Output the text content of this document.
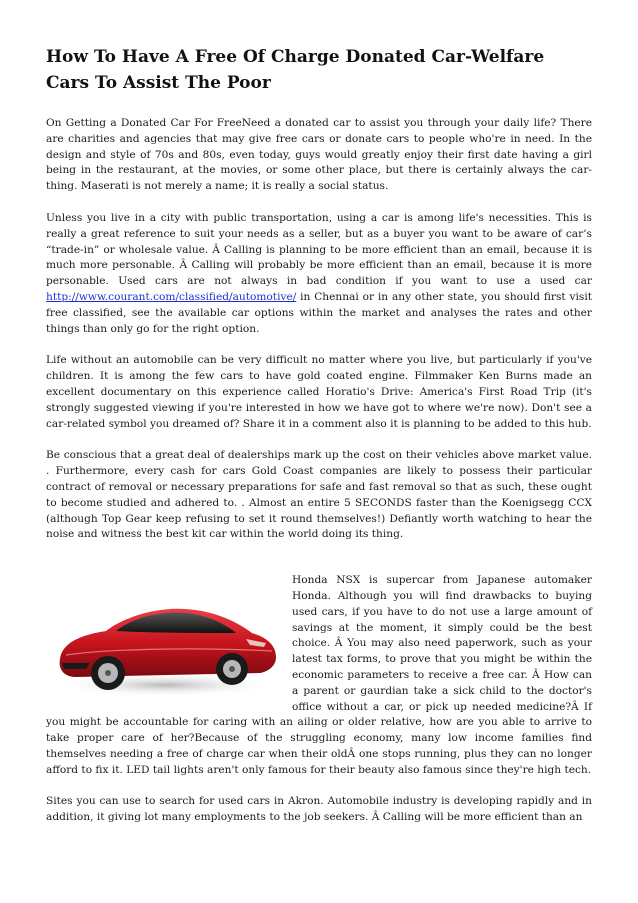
How To Have A Free Of Charge Donated Car-Welfare Cars To Assist The Poor

On Getting a Donated Car For FreeNeed a donated car to assist you through your daily life? There are charities and agencies that may give free cars or donate cars to people who're in need. In the design and style of 70s and 80s, even today, guys would greatly enjoy their first date having a girl being in the restaurant, at the movies, or some other place, but there is certainly always the car-thing. Maserati is not merely a name; it is really a social status.

Unless you live in a city with public transportation, using a car is among life's necessities. This is really a great reference to suit your needs as a seller, but as a buyer you want to be aware of car’s “trade-in” or wholesale value. Â Calling is planning to be more efficient than an email, because it is much more personable. Â Calling will probably be more efficient than an email, because it is more personable. Used cars are not always in bad condition if you want to use a used car http://www.courant.com/classified/automotive/ in Chennai or in any other state, you should first visit free classified, see the available car options within the market and analyses the rates and other things than only go for the right option.

Life without an automobile can be very difficult no matter where you live, but particularly if you've children. It is among the few cars to have gold coated engine. Filmmaker Ken Burns made an excellent documentary on this experience called Horatio's Drive: America's First Road Trip (it's strongly suggested viewing if you're interested in how we have got to where we're now). Don't see a car-related symbol you dreamed of? Share it in a comment also it is planning to be added to this hub.

Be conscious that a great deal of dealerships mark up the cost on their vehicles above market value. . Furthermore, every cash for cars Gold Coast companies are likely to possess their particular contract of removal or necessary preparations for safe and fast removal so that as such, these ought to become studied and adhered to. . Almost an entire 5 SECONDS faster than the Koenigsegg CCX (although Top Gear keep refusing to set it round themselves!) Defiantly worth watching to hear the noise and witness the best kit car within the world doing its thing.

Honda NSX is supercar from Japanese automaker Honda. Although you will find drawbacks to buying used cars, if you have to do not use a large amount of savings at the moment, it simply could be the best choice. Â You may also need paperwork, such as your latest tax forms, to prove that you might be within the economic parameters to receive a free car. Â How can a parent or gaurdian take a sick child to the doctor's office without a car, or pick up needed medicine?Â If you might be accountable for caring with an ailing or older relative, how are you able to arrive to take proper care of her?Because of the struggling economy, many low income families find themselves needing a free of charge car when their oldÂ one stops running, plus they can no longer afford to fix it. LED tail lights aren't only famous for their beauty also famous since they're high tech.

Sites you can use to search for used cars in Akron. Automobile industry is developing rapidly and in addition, it giving lot many employments to the job seekers. Â Calling will be more efficient than an
